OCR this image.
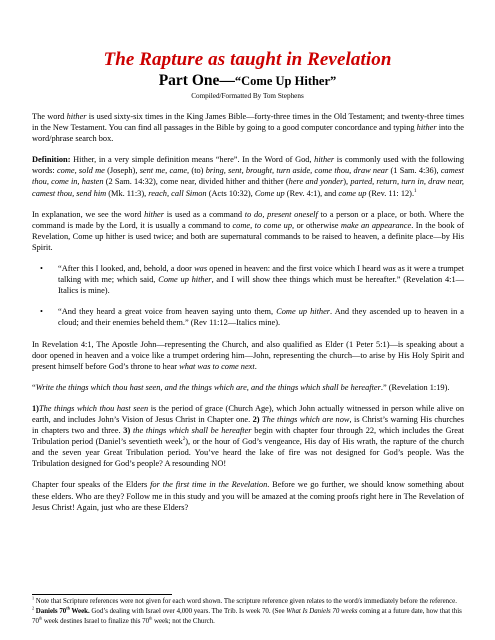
The Rapture as taught in Revelation
Part One—“Come Up Hither”
Compiled/Formatted By Tom Stephens

The word hither is used sixty-six times in the King James Bible—forty-three times in the Old Testament; and twenty-three times in the New Testament. You can find all passages in the Bible by going to a good computer concordance and typing hither into the word/phrase search box.

Definition: Hither, in a very simple definition means “here”. In the Word of God, hither is commonly used with the following words: come, sold me (Joseph), sent me, came, (to) bring, sent, brought, turn aside, come thou, draw near (1 Sam. 4:36), camest thou, come in, hasten (2 Sam. 14:32), come near, divided hither and thither (here and yonder), parted, return, turn in, draw near, camest thou, send him (Mk. 11:3), reach, call Simon (Acts 10:32), Come up (Rev. 4:1), and come up (Rev. 11: 12).$^1$

In explanation, we see the word hither is used as a command to do, present oneself to a person or a place, or both. Where the command is made by the Lord, it is usually a command to come, to come up, or otherwise make an appearance. In the book of Revelation, Come up hither is used twice; and both are supernatural commands to be raised to heaven, a definite place—by His Spirit.

• “After this I looked, and, behold, a door was opened in heaven: and the first voice which I heard was as it were a trumpet talking with me; which said, Come up hither, and I will show thee things which must be hereafter.” (Revelation 4:1—Italics is mine).
• “And they heard a great voice from heaven saying unto them, Come up hither. And they ascended up to heaven in a cloud; and their enemies beheld them.” (Rev 11:12—Italics mine).

In Revelation 4:1, The Apostle John—representing the Church, and also qualified as Elder (1 Peter 5:1)—is speaking about a door opened in heaven and a voice like a trumpet ordering him—John, representing the church—to arise by His Holy Spirit and present himself before God’s throne to hear what was to come next.

“Write the things which thou hast seen, and the things which are, and the things which shall be hereafter.” (Revelation 1:19).

1)The things which thou hast seen is the period of grace (Church Age), which John actually witnessed in person while alive on earth, and includes John’s Vision of Jesus Christ in Chapter one. 2) The things which are now, is Christ’s warning His churches in chapters two and three. 3) the things which shall be hereafter begin with chapter four through 22, which includes the Great Tribulation period (Daniel’s seventieth week$^2$), or the hour of God’s vengeance, His day of His wrath, the rapture of the church and the seven year Great Tribulation period. You’ve heard the lake of fire was not designed for God’s people. Was the Tribulation designed for God’s people? A resounding NO!

Chapter four speaks of the Elders for the first time in the Revelation. Before we go further, we should know something about these elders. Who are they? Follow me in this study and you will be amazed at the coming proofs right here in The Revelation of Jesus Christ! Again, just who are these Elders?

$^1$ Note that Scripture references were not given for each word shown. The scripture reference given relates to the word/s immediately before the reference.

$^2$ Daniels 70th Week. God’s dealing with Israel over 4,000 years. The Trib. Is week 70. (See What Is Daniels 70 weeks coming at a future date, how that this 70th week destines Israel to finalize this 70th week; not the Church.
